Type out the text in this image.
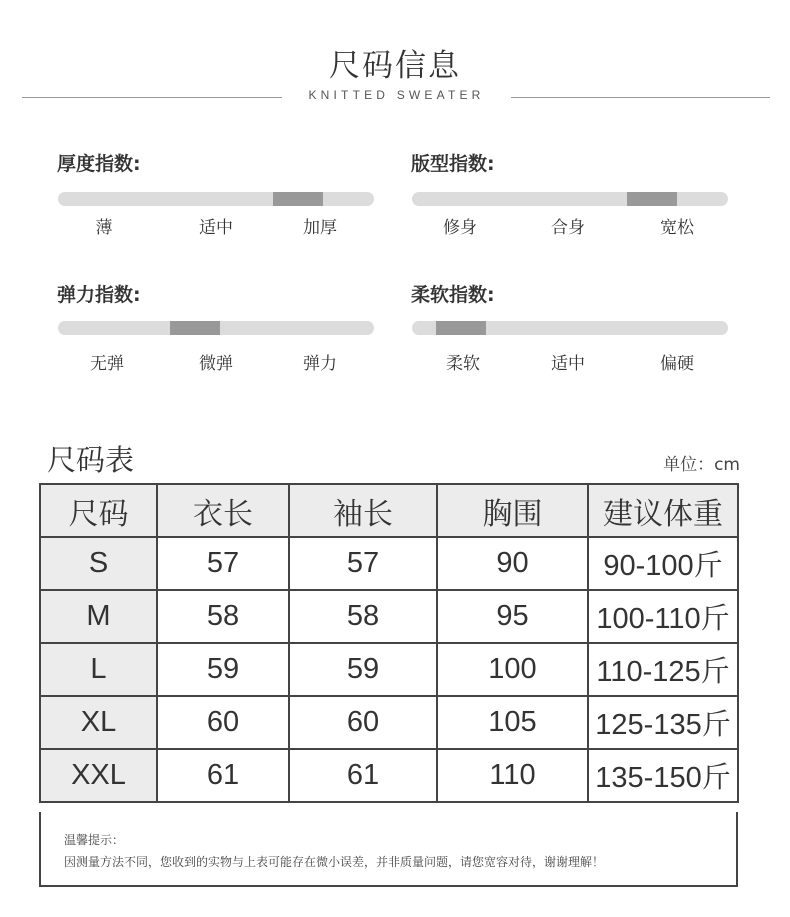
尺码信息
KNITTED SWEATER
厚度指数:
薄	适中	加厚
版型指数:
修身	合身	宽松
弹力指数:
无弹	微弹	弹力
柔软指数:
柔软	适中	偏硬
尺码表	单位：cm
尺码	衣长	袖长	胸围	建议体重
S	57	57	90	90-100斤
M	58	58	95	100-110斤
L	59	59	100	110-125斤
XL	60	60	105	125-135斤
XXL	61	61	110	135-150斤
温馨提示：
因测量方法不同，您收到的实物与上表可能存在微小误差，并非质量问题，请您宽容对待，谢谢理解！
